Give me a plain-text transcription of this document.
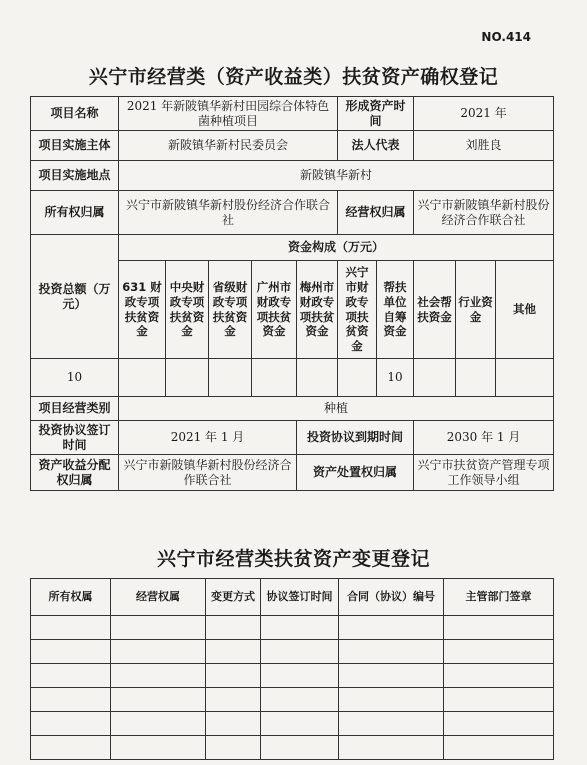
NO.414
兴宁市经营类（资产收益类）扶贫资产确权登记
项目名称	2021 年新陂镇华新村田园综合体特色菌种植项目					形成资产时间		2021 年		
项目实施主体	新陂镇华新村民委员会					法人代表		刘胜良		
项目实施地点	新陂镇华新村									
所有权归属	兴宁市新陂镇华新村股份经济合作联合社					经营权归属		兴宁市新陂镇华新村股份经济合作联合社		
投资总额（万元）	资金构成（万元）									
	631 财政专项扶贫资金	中央财政专项扶贫资金	省级财政专项扶贫资金	广州市财政专项扶贫资金	梅州市财政专项扶贫资金	兴宁市财政专项扶贫资金	帮扶单位自筹资金	社会帮扶资金	行业资金	其他
10							10			
项目经营类别	种植									
投资协议签订时间	2021 年 1 月				投资协议到期时间			2030 年 1 月		
资产收益分配权归属	兴宁市新陂镇华新村股份经济合作联合社				资产处置权归属			兴宁市扶贫资产管理专项工作领导小组		
兴宁市经营类扶贫资产变更登记
所有权属	经营权属	变更方式	协议签订时间	合同（协议）编号	主管部门签章
